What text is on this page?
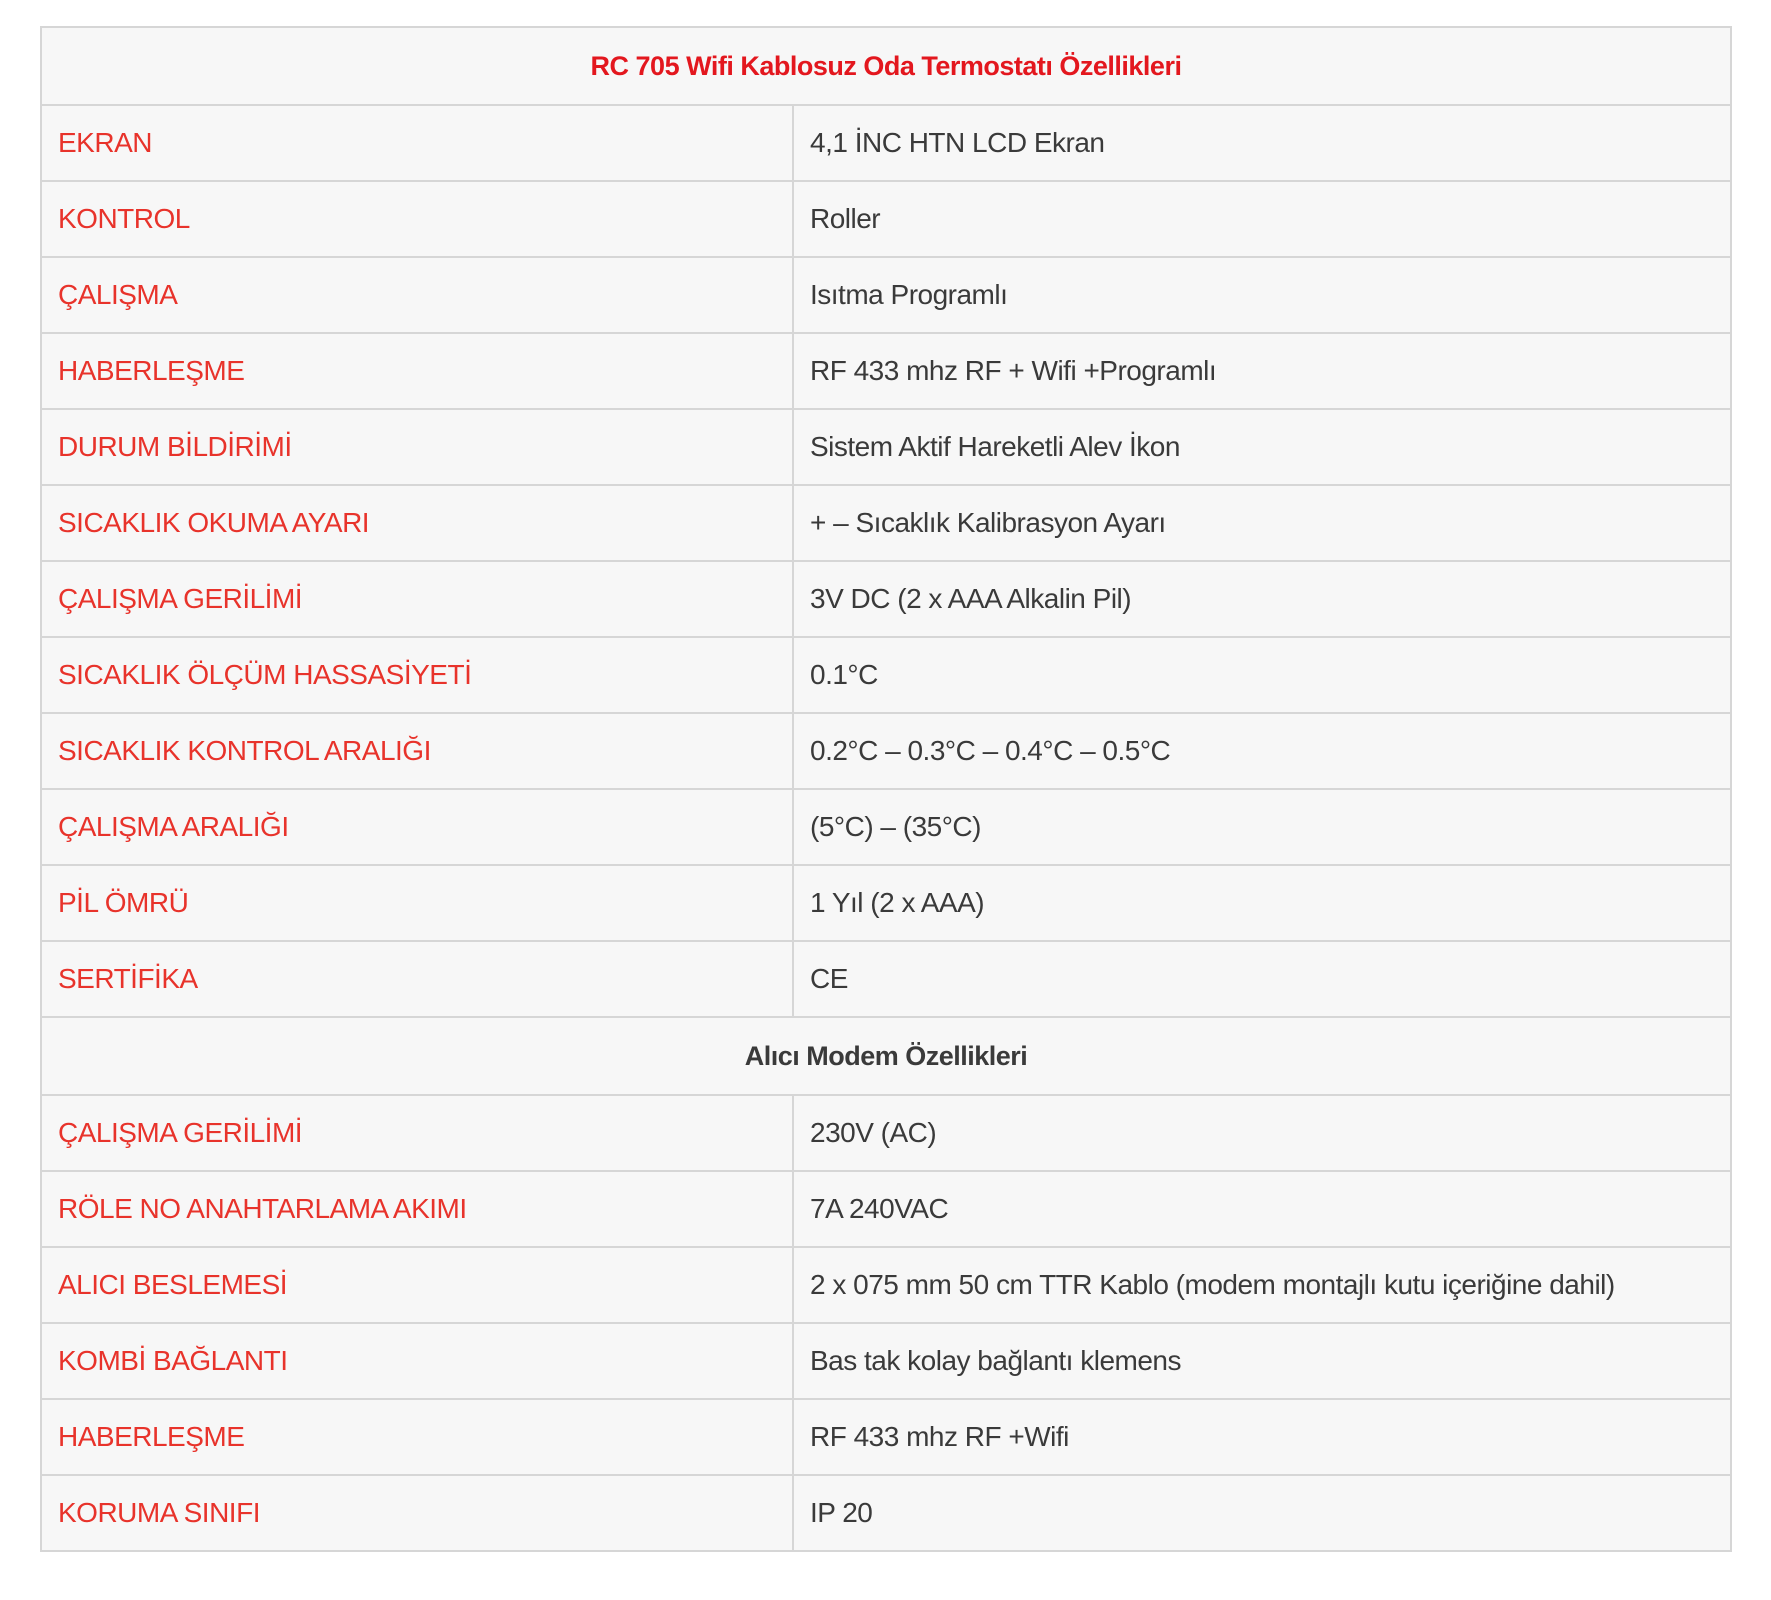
RC 705 Wifi Kablosuz Oda Termostatı Özellikleri	
EKRAN	4,1 İNC HTN LCD Ekran
KONTROL	Roller
ÇALIŞMA	Isıtma Programlı
HABERLEŞME	RF 433 mhz RF + Wifi +Programlı
DURUM BİLDİRİMİ	Sistem Aktif Hareketli Alev İkon
SICAKLIK OKUMA AYARI	+ – Sıcaklık Kalibrasyon Ayarı
ÇALIŞMA GERİLİMİ	3V DC (2 x AAA Alkalin Pil)
SICAKLIK ÖLÇÜM HASSASİYETİ	0.1°C
SICAKLIK KONTROL ARALIĞI	0.2°C – 0.3°C – 0.4°C – 0.5°C
ÇALIŞMA ARALIĞI	(5°C) – (35°C)
PİL ÖMRÜ	1 Yıl (2 x AAA)
SERTİFİKA	CE
Alıcı Modem Özellikleri	
ÇALIŞMA GERİLİMİ	230V (AC)
RÖLE NO ANAHTARLAMA AKIMI	7A 240VAC
ALICI BESLEMESİ	2 x 075 mm 50 cm TTR Kablo (modem montajlı kutu içeriğine dahil)
KOMBİ BAĞLANTI	Bas tak kolay bağlantı klemens
HABERLEŞME	RF 433 mhz RF +Wifi
KORUMA SINIFI	IP 20
